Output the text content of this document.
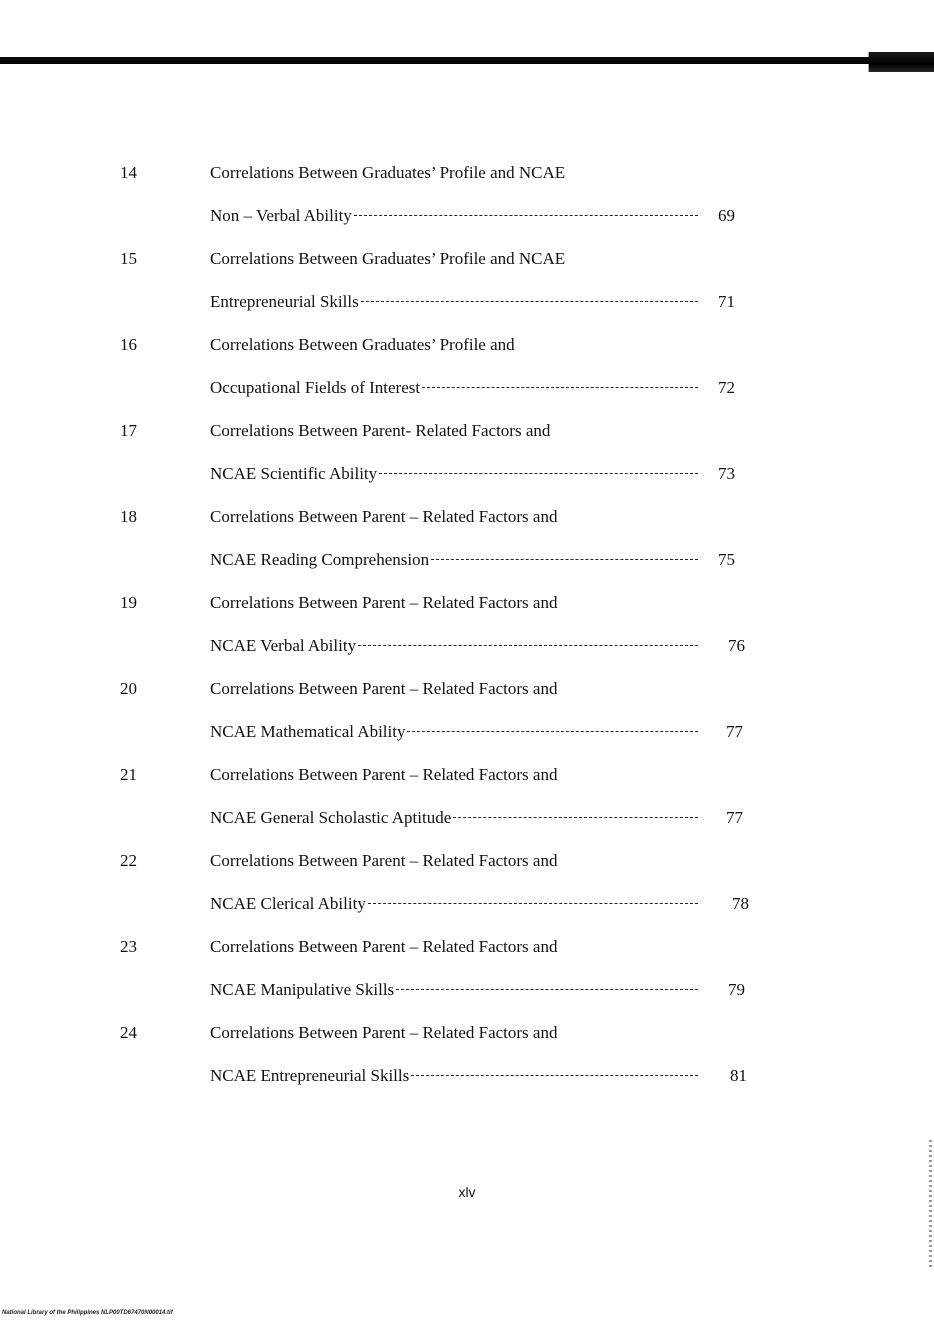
14	Correlations Between Graduates’ Profile and NCAE
Non – Verbal Ability	69
15	Correlations Between Graduates’ Profile and NCAE
Entrepreneurial Skills	71
16	Correlations Between Graduates’ Profile and
Occupational Fields of Interest	72
17	Correlations Between Parent- Related Factors and
NCAE Scientific Ability	73
18	Correlations Between Parent – Related Factors and
NCAE Reading Comprehension	75
19	Correlations Between Parent – Related Factors and
NCAE Verbal Ability	76
20	Correlations Between Parent – Related Factors and
NCAE Mathematical Ability	77
21	Correlations Between Parent – Related Factors and
NCAE General Scholastic Aptitude	77
22	Correlations Between Parent – Related Factors and
NCAE Clerical Ability	78
23	Correlations Between Parent – Related Factors and
NCAE Manipulative Skills	79
24	Correlations Between Parent – Related Factors and
NCAE Entrepreneurial Skills	81
xlv
National Library of the Philippines NLP00TD67470N00014.tif
